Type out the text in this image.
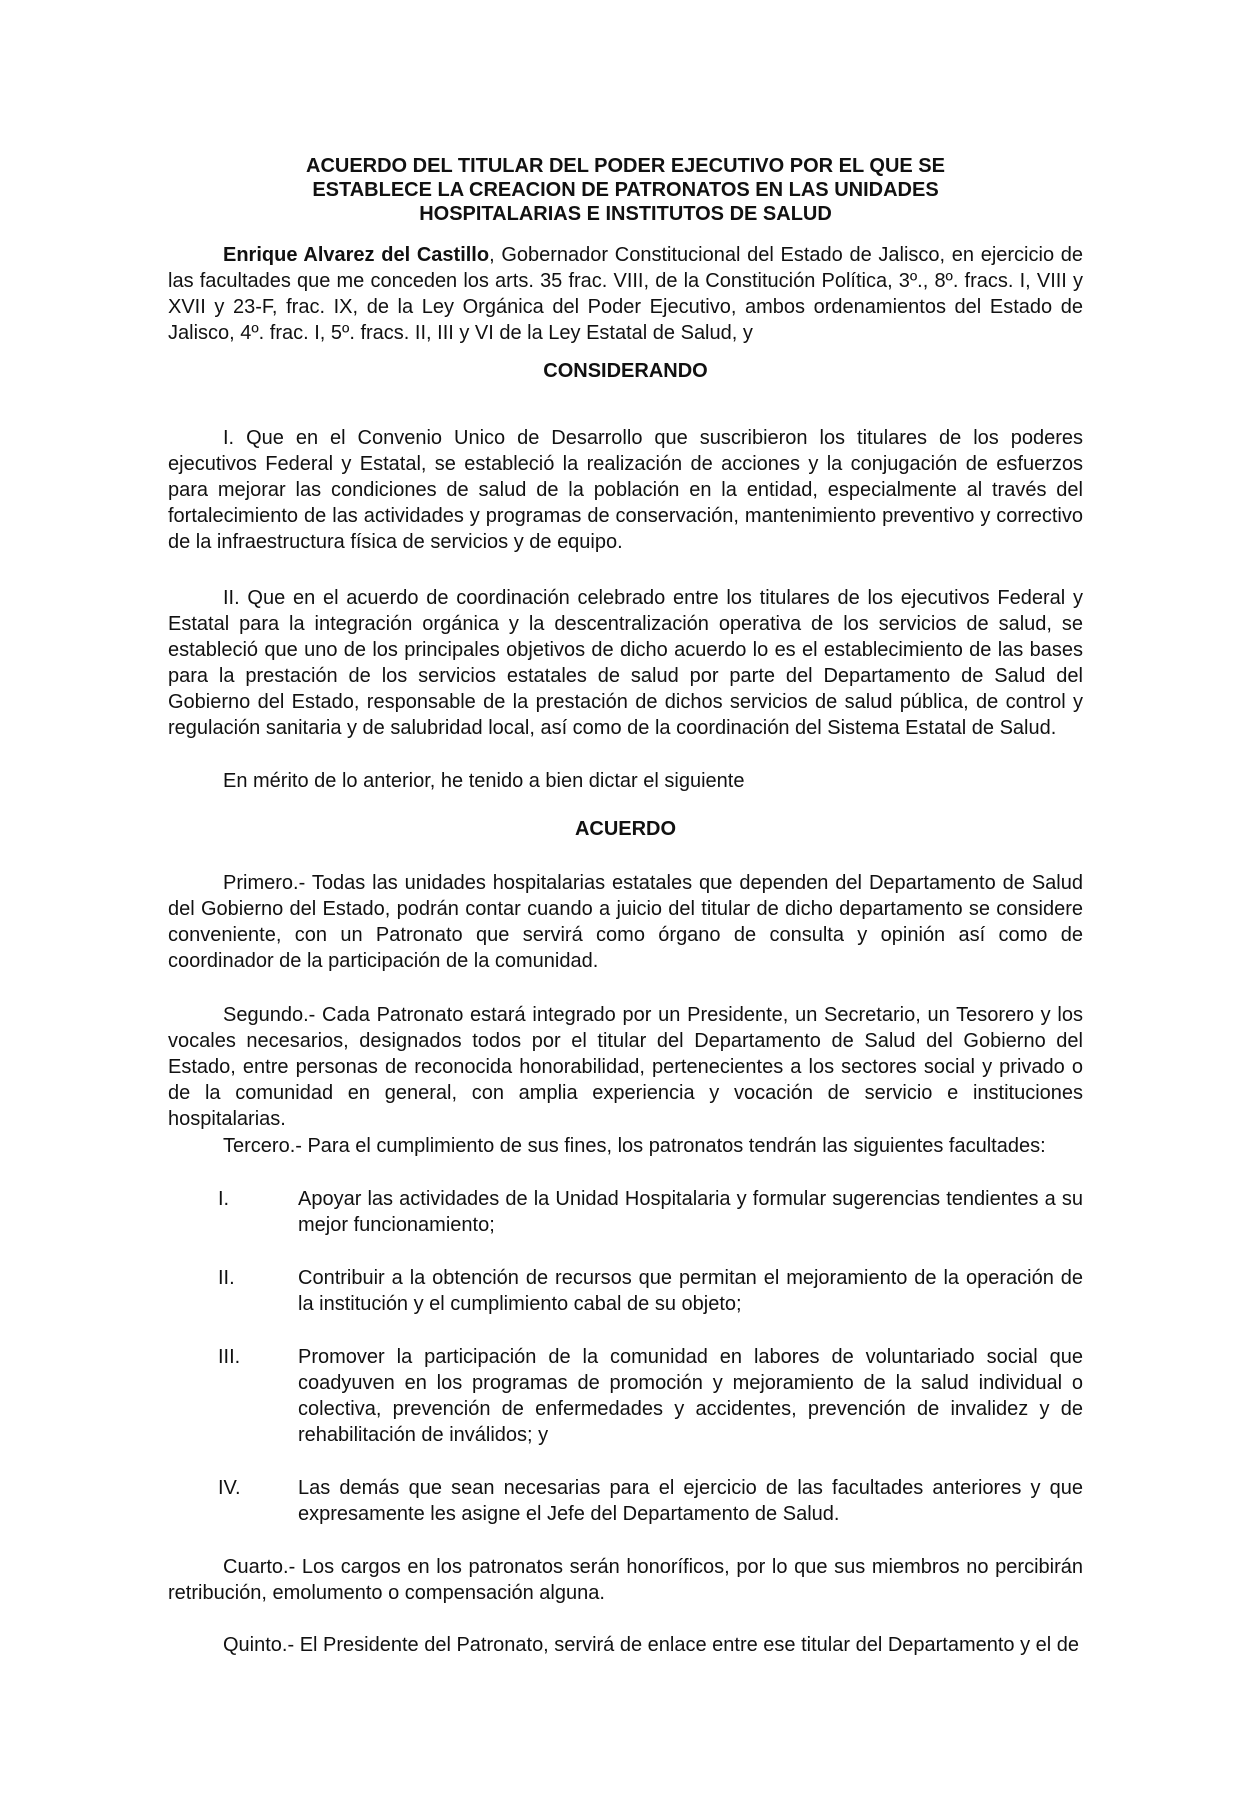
ACUERDO DEL TITULAR DEL PODER EJECUTIVO POR EL QUE SE
ESTABLECE LA CREACION DE PATRONATOS EN LAS UNIDADES
HOSPITALARIAS E INSTITUTOS DE SALUD

Enrique Alvarez del Castillo, Gobernador Constitucional del Estado de Jalisco, en ejercicio de las facultades que me conceden los arts. 35 frac. VIII, de la Constitución Política, 3º., 8º. fracs. I, VIII y XVII y 23-F, frac. IX, de la Ley Orgánica del Poder Ejecutivo, ambos ordenamientos del Estado de Jalisco, 4º. frac. I, 5º. fracs. II, III y VI de la Ley Estatal de Salud, y

CONSIDERANDO

I. Que en el Convenio Unico de Desarrollo que suscribieron los titulares de los poderes ejecutivos Federal y Estatal, se estableció la realización de acciones y la conjugación de esfuerzos para mejorar las condiciones de salud de la población en la entidad, especialmente al través del fortalecimiento de las actividades y programas de conservación, mantenimiento preventivo y correctivo de la infraestructura física de servicios y de equipo.

II. Que en el acuerdo de coordinación celebrado entre los titulares de los ejecutivos Federal y Estatal para la integración orgánica y la descentralización operativa de los servicios de salud, se estableció que uno de los principales objetivos de dicho acuerdo lo es el establecimiento de las bases para la prestación de los servicios estatales de salud por parte del Departamento de Salud del Gobierno del Estado, responsable de la prestación de dichos servicios de salud pública, de control y regulación sanitaria y de salubridad local, así como de la coordinación del Sistema Estatal de Salud.

En mérito de lo anterior, he tenido a bien dictar el siguiente

ACUERDO

Primero.- Todas las unidades hospitalarias estatales que dependen del Departamento de Salud del Gobierno del Estado, podrán contar cuando a juicio del titular de dicho departamento se considere conveniente, con un Patronato que servirá como órgano de consulta y opinión así como de coordinador de la participación de la comunidad.

Segundo.- Cada Patronato estará integrado por un Presidente, un Secretario, un Tesorero y los vocales necesarios, designados todos por el titular del Departamento de Salud del Gobierno del Estado, entre personas de reconocida honorabilidad, pertenecientes a los sectores social y privado o de la comunidad en general, con amplia experiencia y vocación de servicio e instituciones hospitalarias.

Tercero.- Para el cumplimiento de sus fines, los patronatos tendrán las siguientes facultades:

I.	Apoyar las actividades de la Unidad Hospitalaria y formular sugerencias tendientes a su mejor funcionamiento;
II.	Contribuir a la obtención de recursos que permitan el mejoramiento de la operación de la institución y el cumplimiento cabal de su objeto;
III.	Promover la participación de la comunidad en labores de voluntariado social que coadyuven en los programas de promoción y mejoramiento de la salud individual o colectiva, prevención de enfermedades y accidentes, prevención de invalidez y de rehabilitación de inválidos; y
IV.	Las demás que sean necesarias para el ejercicio de las facultades anteriores y que expresamente les asigne el Jefe del Departamento de Salud.

Cuarto.- Los cargos en los patronatos serán honoríficos, por lo que sus miembros no percibirán retribución, emolumento o compensación alguna.

Quinto.- El Presidente del Patronato, servirá de enlace entre ese titular del Departamento y el de
